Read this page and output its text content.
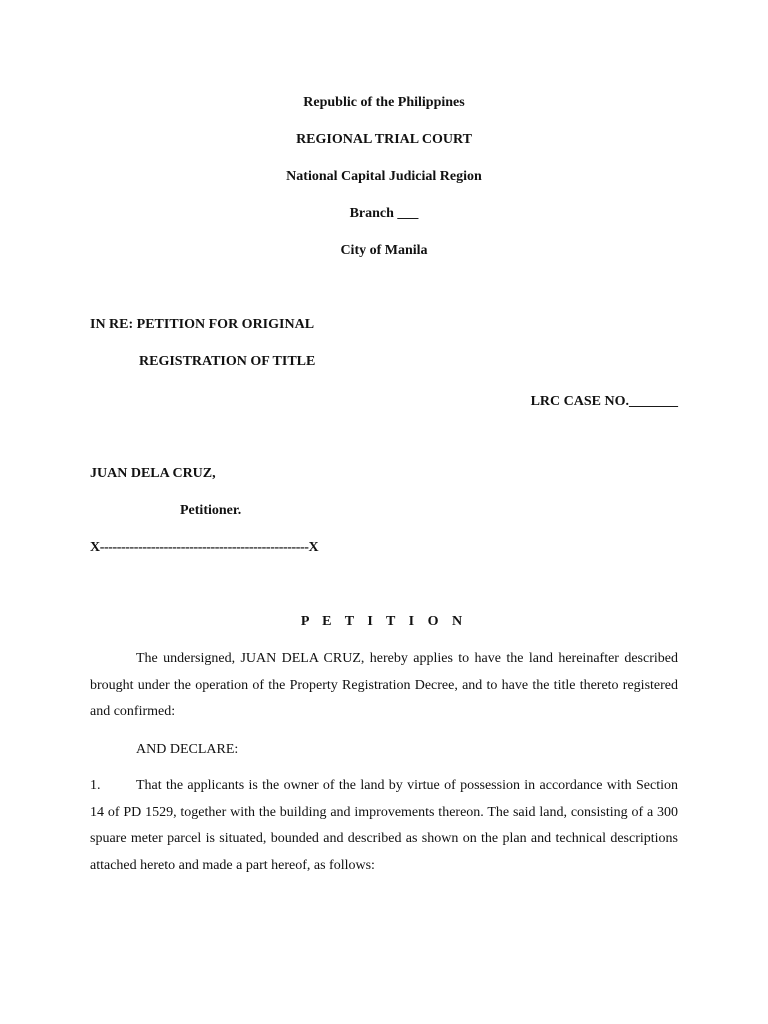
Republic of the Philippines
REGIONAL TRIAL COURT
National Capital Judicial Region
Branch ___
City of Manila
IN RE: PETITION FOR ORIGINAL
REGISTRATION OF TITLE
LRC CASE NO._______
JUAN DELA CRUZ,
Petitioner.
X-------------------------------------------------X
P E T I T I O N
The undersigned, JUAN DELA CRUZ, hereby applies to have the land hereinafter described brought under the operation of the Property Registration Decree, and to have the title thereto registered and confirmed:
AND DECLARE:
1.	That the applicants is the owner of the land by virtue of possession in accordance with Section 14 of PD 1529, together with the building and improvements thereon. The said land, consisting of a 300 spuare meter parcel is situated, bounded and described as shown on the plan and technical descriptions attached hereto and made a part hereof, as follows:
